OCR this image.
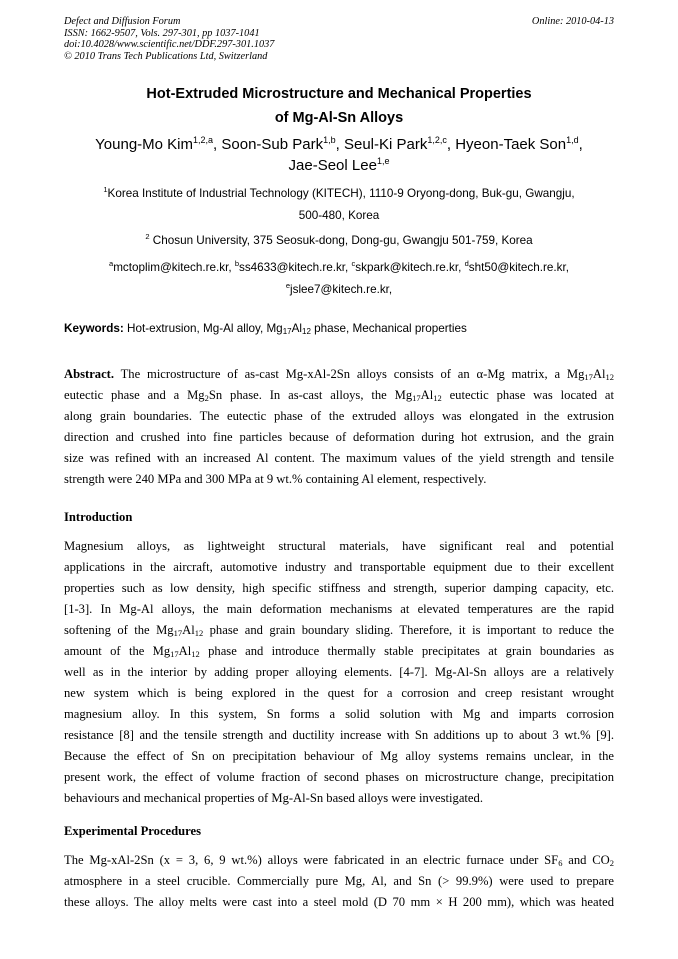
Defect and Diffusion Forum
ISSN: 1662-9507, Vols. 297-301, pp 1037-1041
doi:10.4028/www.scientific.net/DDF.297-301.1037
© 2010 Trans Tech Publications Ltd, Switzerland
Online: 2010-04-13
Hot-Extruded Microstructure and Mechanical Properties
of Mg-Al-Sn Alloys
Young-Mo Kim$^{1,2,a}$, Soon-Sub Park$^{1,b}$, Seul-Ki Park$^{1,2,c}$, Hyeon-Taek Son$^{1,d}$,
Jae-Seol Lee$^{1,e}$
$^1$Korea Institute of Industrial Technology (KITECH), 1110-9 Oryong-dong, Buk-gu, Gwangju,
500-480, Korea
$^2$ Chosun University, 375 Seosuk-dong, Dong-gu, Gwangju 501-759, Korea
$^a$mctoplim@kitech.re.kr, $^b$ss4633@kitech.re.kr, $^c$skpark@kitech.re.kr, $^d$sht50@kitech.re.kr,
$^e$jslee7@kitech.re.kr,
Keywords: Hot-extrusion, Mg-Al alloy, $Mg_{17}Al_{12}$ phase, Mechanical properties
Abstract. The microstructure of as-cast Mg-xAl-2Sn alloys consists of an α-Mg matrix, a $Mg_{17}Al_{12}$
eutectic phase and a $Mg_2Sn$ phase. In as-cast alloys, the $Mg_{17}Al_{12}$ eutectic phase was located at
along grain boundaries. The eutectic phase of the extruded alloys was elongated in the extrusion
direction and crushed into fine particles because of deformation during hot extrusion, and the grain
size was refined with an increased Al content. The maximum values of the yield strength and tensile
strength were 240 MPa and 300 MPa at 9 wt.% containing Al element, respectively.
Introduction
Magnesium alloys, as lightweight structural materials, have significant real and potential
applications in the aircraft, automotive industry and transportable equipment due to their excellent
properties such as low density, high specific stiffness and strength, superior damping capacity, etc.
[1-3]. In Mg-Al alloys, the main deformation mechanisms at elevated temperatures are the rapid
softening of the $Mg_{17}Al_{12}$ phase and grain boundary sliding. Therefore, it is important to reduce the
amount of the $Mg_{17}Al_{12}$ phase and introduce thermally stable precipitates at grain boundaries as
well as in the interior by adding proper alloying elements. [4-7]. Mg-Al-Sn alloys are a relatively
new system which is being explored in the quest for a corrosion and creep resistant wrought
magnesium alloy. In this system, Sn forms a solid solution with Mg and imparts corrosion
resistance [8] and the tensile strength and ductility increase with Sn additions up to about 3 wt.% [9].
Because the effect of Sn on precipitation behaviour of Mg alloy systems remains unclear, in the
present work, the effect of volume fraction of second phases on microstructure change, precipitation
behaviours and mechanical properties of Mg-Al-Sn based alloys were investigated.
Experimental Procedures
The Mg-xAl-2Sn (x = 3, 6, 9 wt.%) alloys were fabricated in an electric furnace under $SF_6$ and $CO_2$
atmosphere in a steel crucible. Commercially pure Mg, Al, and Sn (> 99.9%) were used to prepare
these alloys. The alloy melts were cast into a steel mold (D 70 mm × H 200 mm), which was heated
